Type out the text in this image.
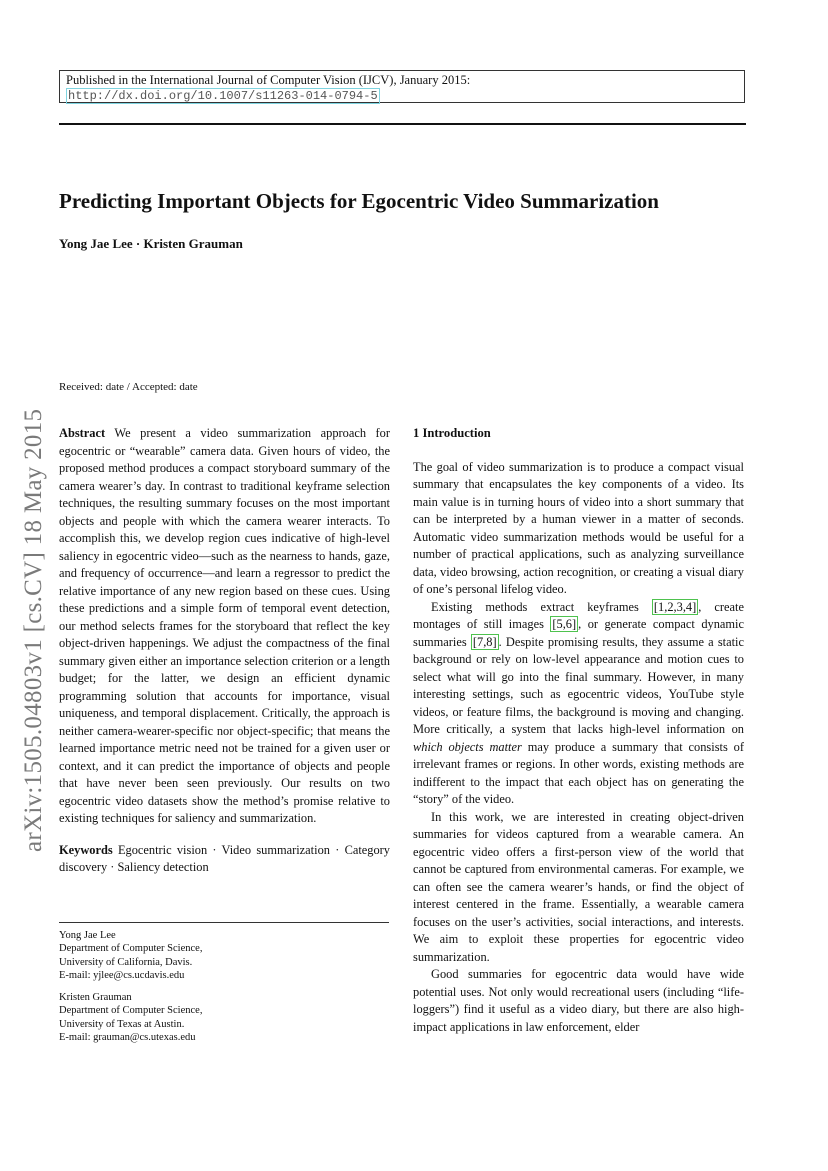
Published in the International Journal of Computer Vision (IJCV), January 2015:
http://dx.doi.org/10.1007/s11263-014-0794-5
Predicting Important Objects for Egocentric Video Summarization
Yong Jae Lee · Kristen Grauman
arXiv:1505.04803v1 [cs.CV] 18 May 2015
Received: date / Accepted: date

Abstract We present a video summarization approach for egocentric or “wearable” camera data. Given hours of video, the proposed method produces a compact storyboard summary of the camera wearer’s day. In contrast to traditional keyframe selection techniques, the resulting summary focuses on the most important objects and people with which the camera wearer interacts. To accomplish this, we develop region cues indicative of high-level saliency in egocentric video—such as the nearness to hands, gaze, and frequency of occurrence—and learn a regressor to predict the relative importance of any new region based on these cues. Using these predictions and a simple form of temporal event detection, our method selects frames for the storyboard that reflect the key object-driven happenings. We adjust the compactness of the final summary given either an importance selection criterion or a length budget; for the latter, we design an efficient dynamic programming solution that accounts for importance, visual uniqueness, and temporal displacement. Critically, the approach is neither camera-wearer-specific nor object-specific; that means the learned importance metric need not be trained for a given user or context, and it can predict the importance of objects and people that have never been seen previously. Our results on two egocentric video datasets show the method’s promise relative to existing techniques for saliency and summarization.

Keywords Egocentric vision · Video summarization · Category discovery · Saliency detection

Yong Jae Lee
Department of Computer Science,
University of California, Davis.
E-mail: yjlee@cs.ucdavis.edu
Kristen Grauman
Department of Computer Science,
University of Texas at Austin.
E-mail: grauman@cs.utexas.edu

1 Introduction

The goal of video summarization is to produce a compact visual summary that encapsulates the key components of a video. Its main value is in turning hours of video into a short summary that can be interpreted by a human viewer in a matter of seconds. Automatic video summarization methods would be useful for a number of practical applications, such as analyzing surveillance data, video browsing, action recognition, or creating a visual diary of one’s personal lifelog video.

Existing methods extract keyframes [1,2,3,4] , create montages of still images [5,6] , or generate compact dynamic summaries [7,8] . Despite promising results, they assume a static background or rely on low-level appearance and motion cues to select what will go into the final summary. However, in many interesting settings, such as egocentric videos, YouTube style videos, or feature films, the background is moving and changing. More critically, a system that lacks high-level information on which objects matter may produce a summary that consists of irrelevant frames or regions. In other words, existing methods are indifferent to the impact that each object has on generating the “story” of the video.

In this work, we are interested in creating object-driven summaries for videos captured from a wearable camera. An egocentric video offers a first-person view of the world that cannot be captured from environmental cameras. For example, we can often see the camera wearer’s hands, or find the object of interest centered in the frame. Essentially, a wearable camera focuses on the user’s activities, social interactions, and interests. We aim to exploit these properties for egocentric video summarization.

Good summaries for egocentric data would have wide potential uses. Not only would recreational users (including “life-loggers”) find it useful as a video diary, but there are also high-impact applications in law enforcement, elder
